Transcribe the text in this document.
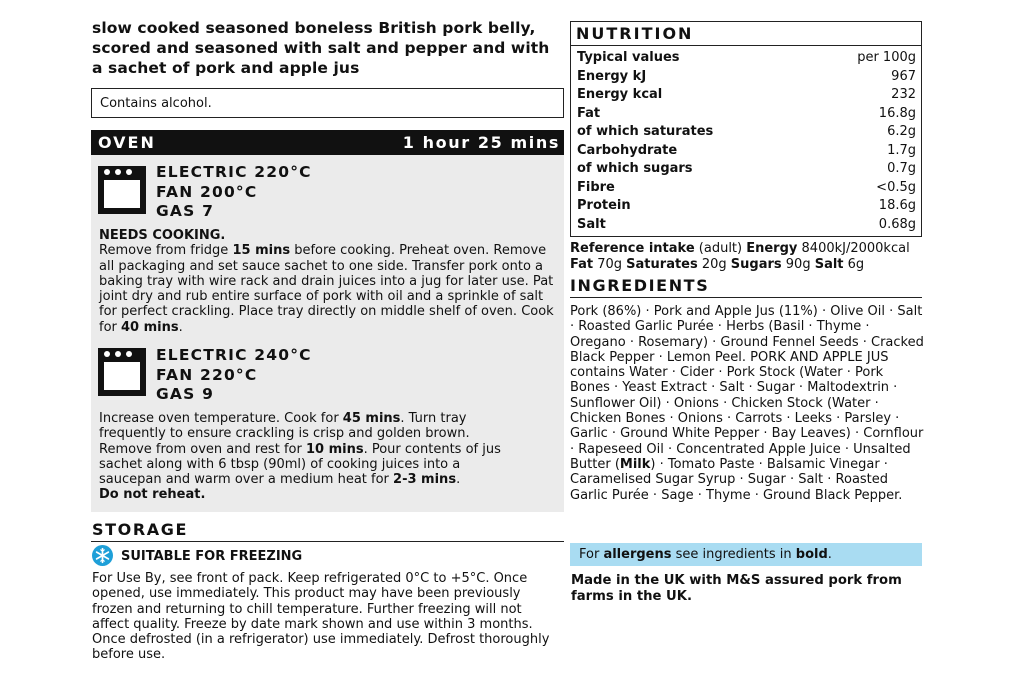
slow cooked seasoned boneless British pork belly, scored and seasoned with salt and pepper and with a sachet of pork and apple jus
Contains alcohol.
OVEN	1 hour 25 mins
ELECTRIC 220°C
FAN 200°C
GAS 7
NEEDS COOKING.
Remove from fridge 15 mins before cooking. Preheat oven. Remove all packaging and set sauce sachet to one side. Transfer pork onto a baking tray with wire rack and drain juices into a jug for later use. Pat joint dry and rub entire surface of pork with oil and a sprinkle of salt for perfect crackling. Place tray directly on middle shelf of oven. Cook for 40 mins.
ELECTRIC 240°C
FAN 220°C
GAS 9
Increase oven temperature. Cook for 45 mins. Turn tray frequently to ensure crackling is crisp and golden brown. Remove from oven and rest for 10 mins. Pour contents of jus sachet along with 6 tbsp (90ml) of cooking juices into a saucepan and warm over a medium heat for 2-3 mins.
Do not reheat.
STORAGE
SUITABLE FOR FREEZING
For Use By, see front of pack. Keep refrigerated 0°C to +5°C. Once opened, use immediately. This product may have been previously frozen and returning to chill temperature. Further freezing will not affect quality. Freeze by date mark shown and use within 3 months. Once defrosted (in a refrigerator) use immediately. Defrost thoroughly before use.
NUTRITION
Typical values	per 100g
Energy kJ	967
Energy kcal	232
Fat	16.8g
of which saturates	6.2g
Carbohydrate	1.7g
of which sugars	0.7g
Fibre	<0.5g
Protein	18.6g
Salt	0.68g
Reference intake (adult) Energy 8400kJ/2000kcal
Fat 70g Saturates 20g Sugars 90g Salt 6g
INGREDIENTS
Pork (86%) · Pork and Apple Jus (11%) · Olive Oil · Salt · Roasted Garlic Purée · Herbs (Basil · Thyme · Oregano · Rosemary) · Ground Fennel Seeds · Cracked Black Pepper · Lemon Peel. PORK AND APPLE JUS contains Water · Cider · Pork Stock (Water · Pork Bones · Yeast Extract · Salt · Sugar · Maltodextrin · Sunflower Oil) · Onions · Chicken Stock (Water · Chicken Bones · Onions · Carrots · Leeks · Parsley · Garlic · Ground White Pepper · Bay Leaves) · Cornflour · Rapeseed Oil · Concentrated Apple Juice · Unsalted Butter (Milk) · Tomato Paste · Balsamic Vinegar · Caramelised Sugar Syrup · Sugar · Salt · Roasted Garlic Purée · Sage · Thyme · Ground Black Pepper.
For allergens see ingredients in bold.
Made in the UK with M&S assured pork from farms in the UK.
